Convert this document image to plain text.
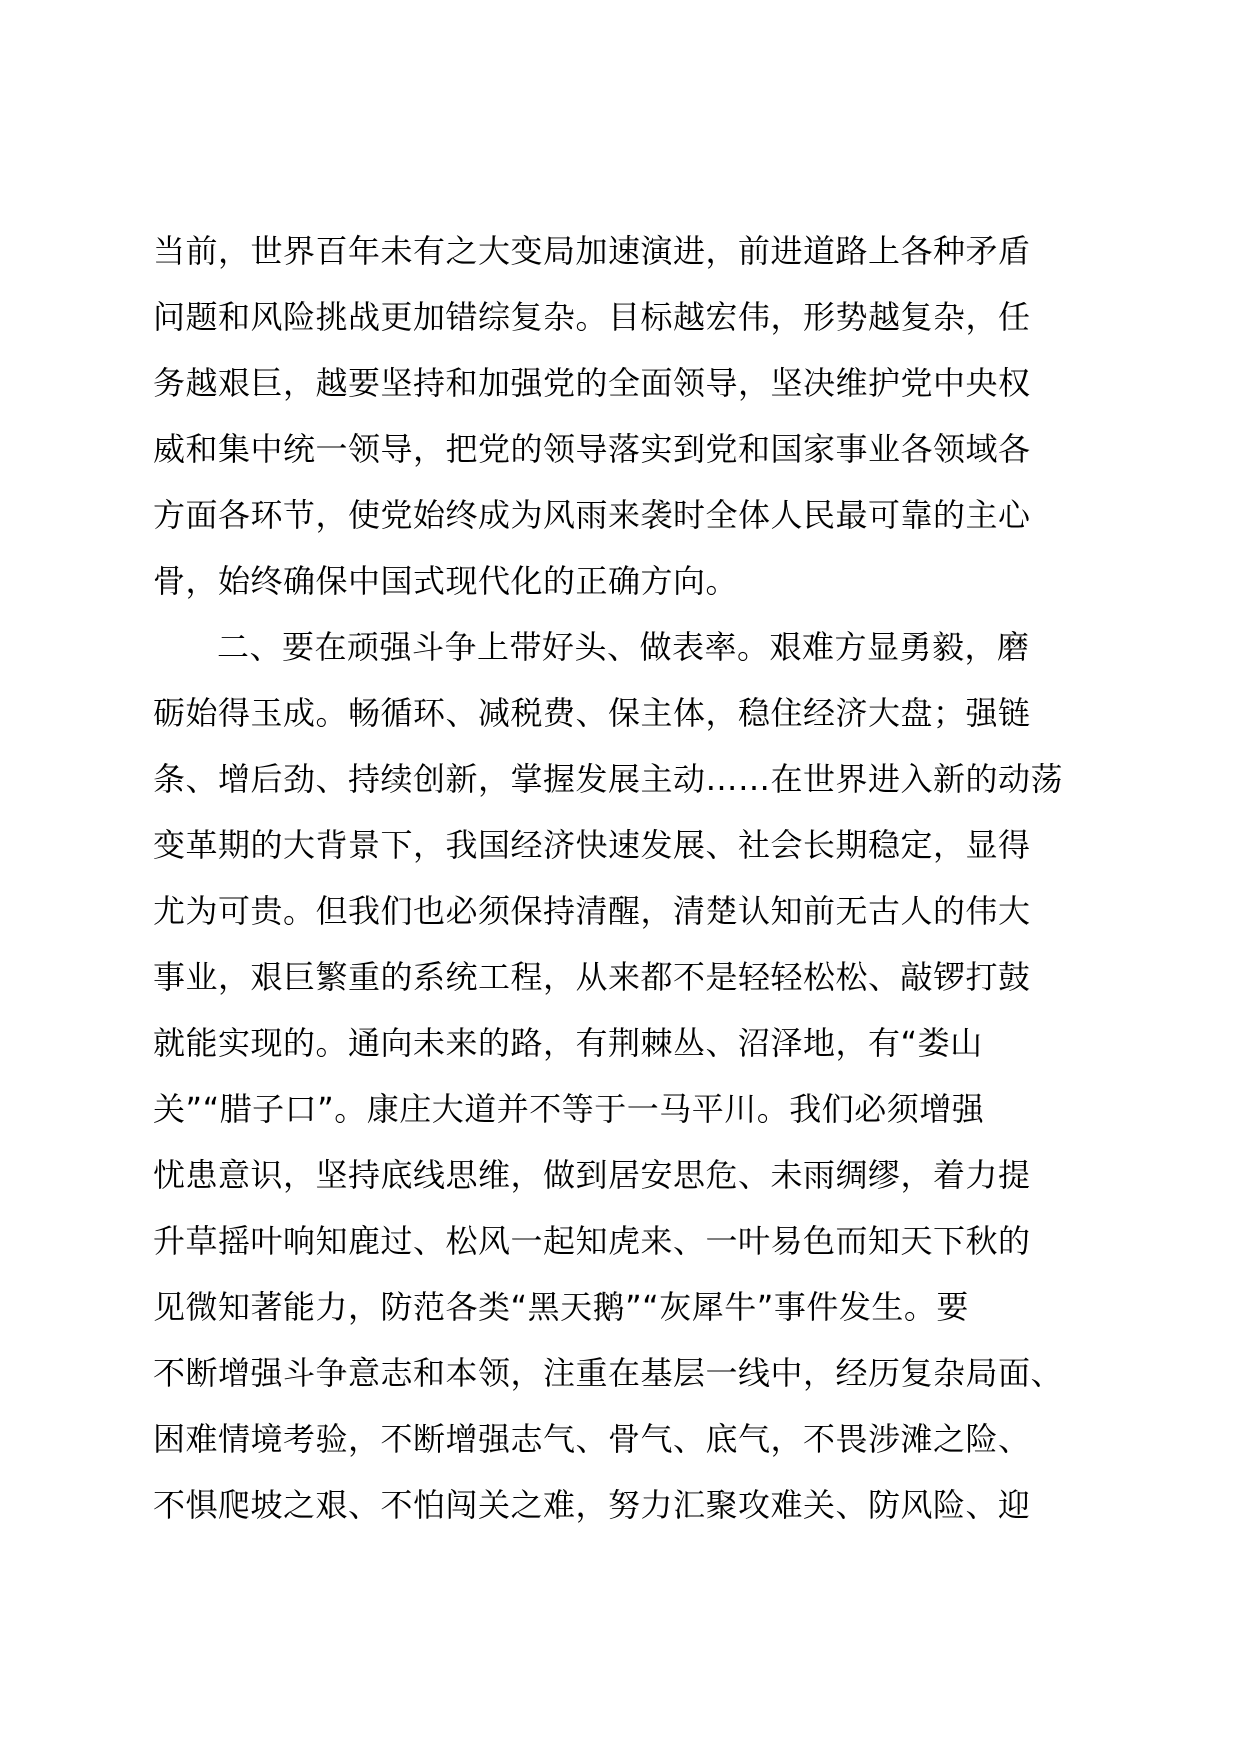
当前，世界百年未有之大变局加速演进，前进道路上各种矛盾
问题和风险挑战更加错综复杂。目标越宏伟，形势越复杂，任
务越艰巨，越要坚持和加强党的全面领导，坚决维护党中央权
威和集中统一领导，把党的领导落实到党和国家事业各领域各
方面各环节，使党始终成为风雨来袭时全体人民最可靠的主心
骨，始终确保中国式现代化的正确方向。
二、要在顽强斗争上带好头、做表率。艰难方显勇毅，磨
砺始得玉成。畅循环、减税费、保主体，稳住经济大盘；强链
条、增后劲、持续创新，掌握发展主动……在世界进入新的动荡
变革期的大背景下，我国经济快速发展、社会长期稳定，显得
尤为可贵。但我们也必须保持清醒，清楚认知前无古人的伟大
事业，艰巨繁重的系统工程，从来都不是轻轻松松、敲锣打鼓
就能实现的。通向未来的路，有荆棘丛、沼泽地，有“娄山
关”“腊子口”。康庄大道并不等于一马平川。我们必须增强
忧患意识，坚持底线思维，做到居安思危、未雨绸缪，着力提
升草摇叶响知鹿过、松风一起知虎来、一叶易色而知天下秋的
见微知著能力，防范各类“黑天鹅”“灰犀牛”事件发生。要
不断增强斗争意志和本领，注重在基层一线中，经历复杂局面、
困难情境考验，不断增强志气、骨气、底气，不畏涉滩之险、
不惧爬坡之艰、不怕闯关之难，努力汇聚攻难关、防风险、迎
